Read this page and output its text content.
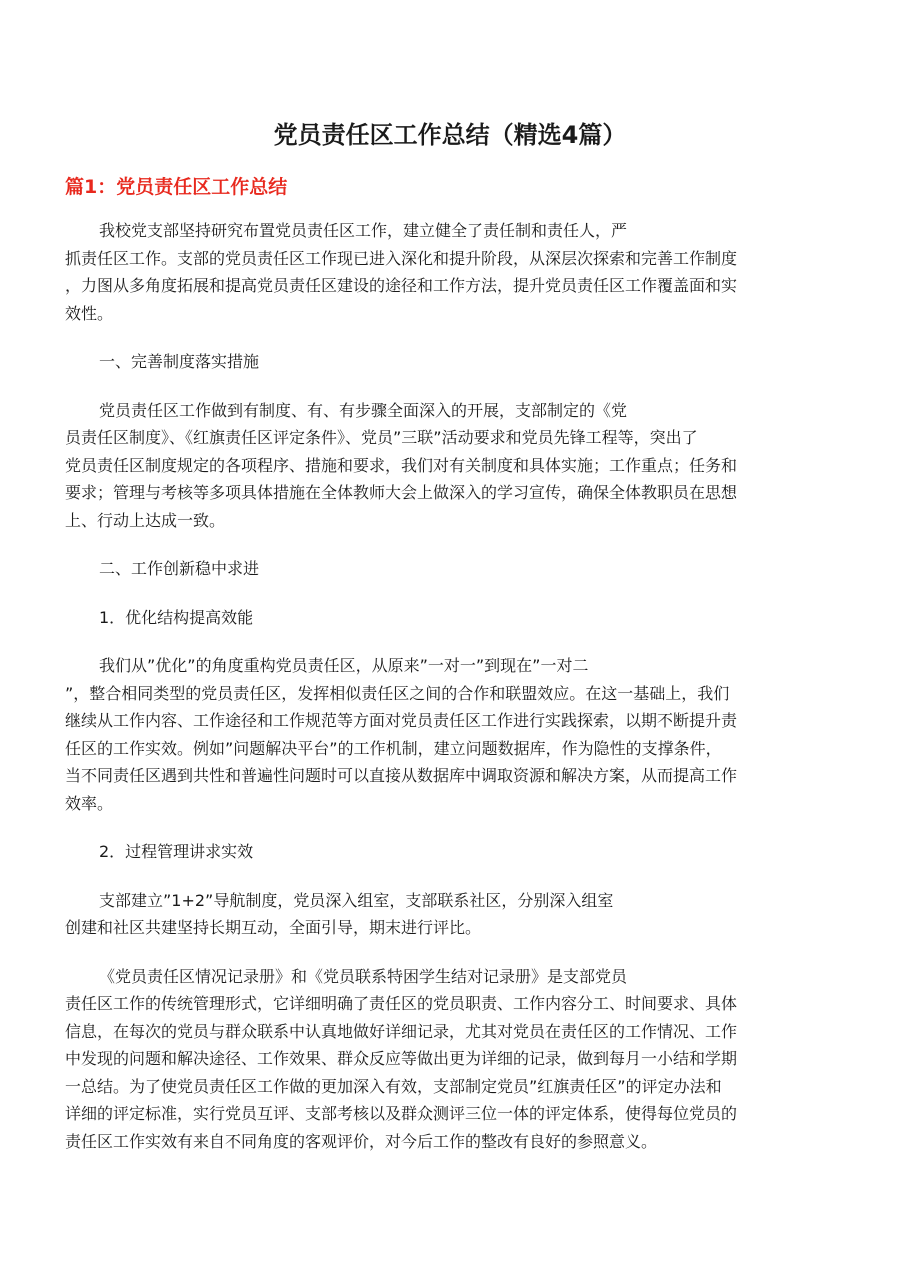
党员责任区工作总结（精选4篇）
篇1：党员责任区工作总结

我校党支部坚持研究布置党员责任区工作，建立健全了责任制和责任人，严
抓责任区工作。支部的党员责任区工作现已进入深化和提升阶段，从深层次探索和完善工作制度
，力图从多角度拓展和提高党员责任区建设的途径和工作方法，提升党员责任区工作覆盖面和实
效性。

一、完善制度落实措施

党员责任区工作做到有制度、有、有步骤全面深入的开展，支部制定的《党
员责任区制度》、《红旗责任区评定条件》、党员”三联”活动要求和党员先锋工程等，突出了
党员责任区制度规定的各项程序、措施和要求，我们对有关制度和具体实施；工作重点；任务和
要求；管理与考核等多项具体措施在全体教师大会上做深入的学习宣传，确保全体教职员在思想
上、行动上达成一致。

二、工作创新稳中求进

1．优化结构提高效能

我们从”优化”的角度重构党员责任区，从原来”一对一”到现在”一对二
”，整合相同类型的党员责任区，发挥相似责任区之间的合作和联盟效应。在这一基础上，我们
继续从工作内容、工作途径和工作规范等方面对党员责任区工作进行实践探索，以期不断提升责
任区的工作实效。例如”问题解决平台”的工作机制，建立问题数据库，作为隐性的支撑条件，
当不同责任区遇到共性和普遍性问题时可以直接从数据库中调取资源和解决方案，从而提高工作
效率。

2．过程管理讲求实效

支部建立”1+2”导航制度，党员深入组室，支部联系社区，分别深入组室
创建和社区共建坚持长期互动，全面引导，期末进行评比。

《党员责任区情况记录册》和《党员联系特困学生结对记录册》是支部党员
责任区工作的传统管理形式，它详细明确了责任区的党员职责、工作内容分工、时间要求、具体
信息，在每次的党员与群众联系中认真地做好详细记录，尤其对党员在责任区的工作情况、工作
中发现的问题和解决途径、工作效果、群众反应等做出更为详细的记录，做到每月一小结和学期
一总结。为了使党员责任区工作做的更加深入有效，支部制定党员”红旗责任区”的评定办法和
详细的评定标准，实行党员互评、支部考核以及群众测评三位一体的评定体系，使得每位党员的
责任区工作实效有来自不同角度的客观评价，对今后工作的整改有良好的参照意义。
